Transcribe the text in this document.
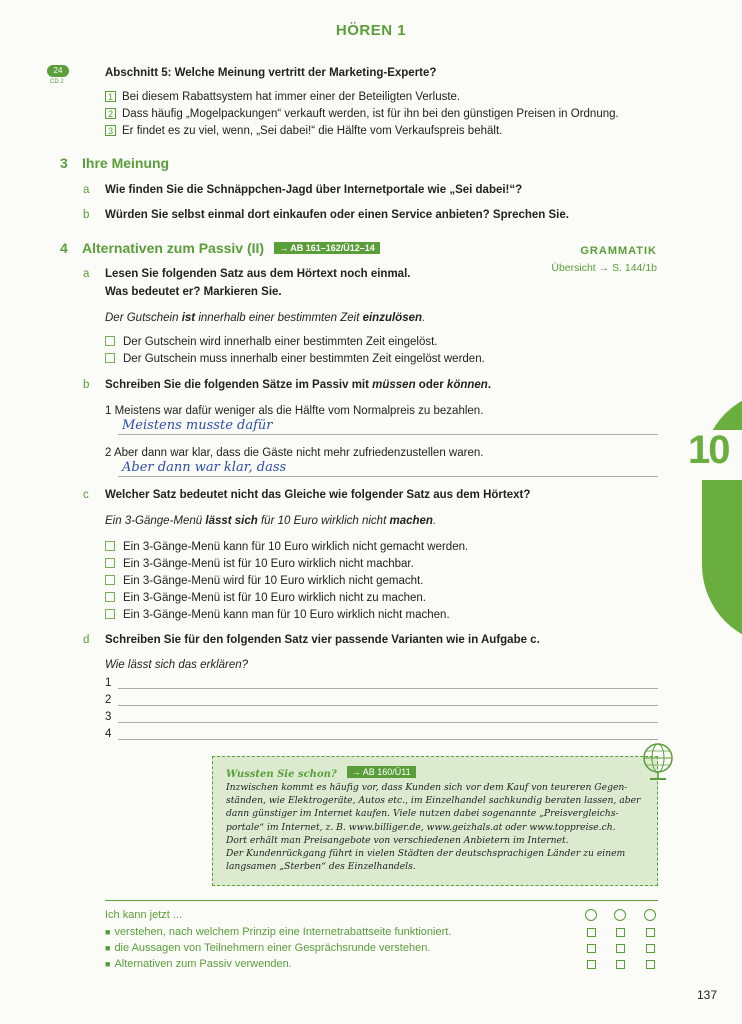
HÖREN 1
24
CD 2
Abschnitt 5: Welche Meinung vertritt der Marketing-Experte?
1 Bei diesem Rabattsystem hat immer einer der Beteiligten Verluste.
2 Dass häufig „Mogelpackungen“ verkauft werden, ist für ihn bei den günstigen Preisen in Ordnung.
3 Er findet es zu viel, wenn, „Sei dabei!“ die Hälfte vom Verkaufspreis behält.
3 Ihre Meinung
a Wie finden Sie die Schnäppchen-Jagd über Internetportale wie „Sei dabei!“?
b Würden Sie selbst einmal dort einkaufen oder einen Service anbieten? Sprechen Sie.
4 Alternativen zum Passiv (II) → AB 161–162/Ü12–14	GRAMMATIK
Übersicht → S. 144/1b
a Lesen Sie folgenden Satz aus dem Hörtext noch einmal.
Was bedeutet er? Markieren Sie.
Der Gutschein ist innerhalb einer bestimmten Zeit einzulösen.
Der Gutschein wird innerhalb einer bestimmten Zeit eingelöst.
Der Gutschein muss innerhalb einer bestimmten Zeit eingelöst werden.
b Schreiben Sie die folgenden Sätze im Passiv mit müssen oder können.
1 Meistens war dafür weniger als die Hälfte vom Normalpreis zu bezahlen.
Meistens musste dafür
2 Aber dann war klar, dass die Gäste nicht mehr zufriedenzustellen waren.
Aber dann war klar, dass
c Welcher Satz bedeutet nicht das Gleiche wie folgender Satz aus dem Hörtext?
Ein 3-Gänge-Menü lässt sich für 10 Euro wirklich nicht machen.
Ein 3-Gänge-Menü kann für 10 Euro wirklich nicht gemacht werden.
Ein 3-Gänge-Menü ist für 10 Euro wirklich nicht machbar.
Ein 3-Gänge-Menü wird für 10 Euro wirklich nicht gemacht.
Ein 3-Gänge-Menü ist für 10 Euro wirklich nicht zu machen.
Ein 3-Gänge-Menü kann man für 10 Euro wirklich nicht machen.
d Schreiben Sie für den folgenden Satz vier passende Varianten wie in Aufgabe c.
Wie lässt sich das erklären?
1
2
3
4
Wussten Sie schon? → AB 160/Ü11
Inzwischen kommt es häufig vor, dass Kunden sich vor dem Kauf von teureren Gegen-
ständen, wie Elektrogeräte, Autos etc., im Einzelhandel sachkundig beraten lassen, aber
dann günstiger im Internet kaufen. Viele nutzen dabei sogenannte „Preisvergleichs-
portale“ im Internet, z. B. www.billiger.de, www.geizhals.at oder www.toppreise.ch.
Dort erhält man Preisangebote von verschiedenen Anbietern im Internet.
Der Kundenrückgang führt in vielen Städten der deutschsprachigen Länder zu einem
langsamen „Sterben“ des Einzelhandels.
Ich kann jetzt ...
■ verstehen, nach welchem Prinzip eine Internetrabattseite funktioniert.
■ die Aussagen von Teilnehmern einer Gesprächsrunde verstehen.
■ Alternativen zum Passiv verwenden.
10
137
